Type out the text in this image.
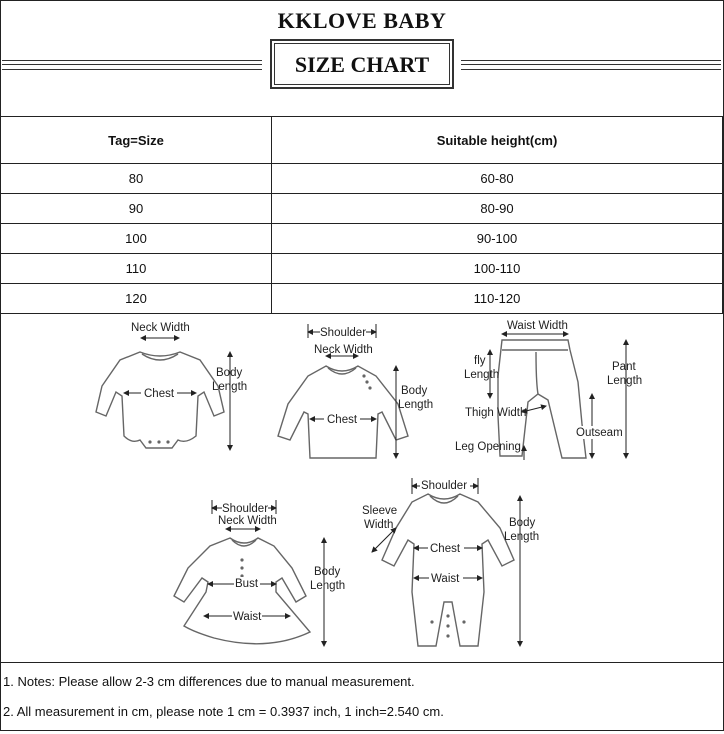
KKLOVE BABY
SIZE CHART
Tag=Size	Suitable height(cm)
80	60-80
90	80-90
100	90-100
110	100-110
120	110-120
Neck Width
Chest
Body
Length
Shoulder
Neck Width
Chest
Body
Length
Waist Width
fly
Length
Pant
Length
Thigh Width
Outseam
Leg Opening
Shoulder
Neck Width
Bust
Waist
Body
Length
Shoulder
Sleeve
Width
Chest
Waist
Body
Length
1. Notes: Please allow 2-3 cm differences due to manual measurement.
2. All measurement in cm, please note 1 cm = 0.3937 inch, 1 inch=2.540 cm.
